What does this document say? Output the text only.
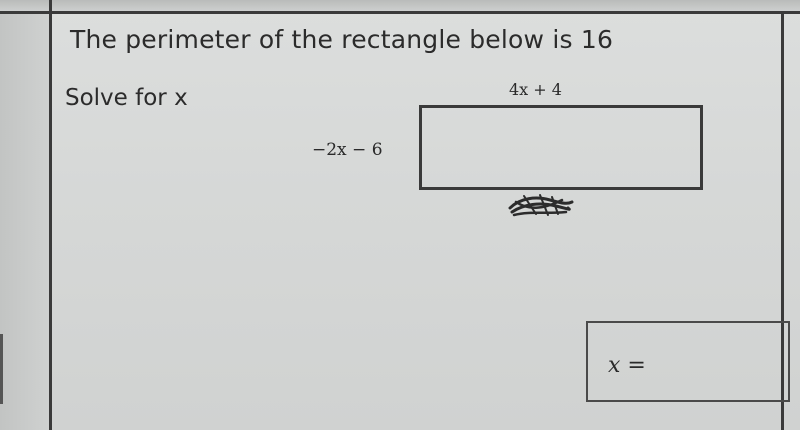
The perimeter of the rectangle below is 16
Solve for x	4x + 4
−2x − 6
x =
